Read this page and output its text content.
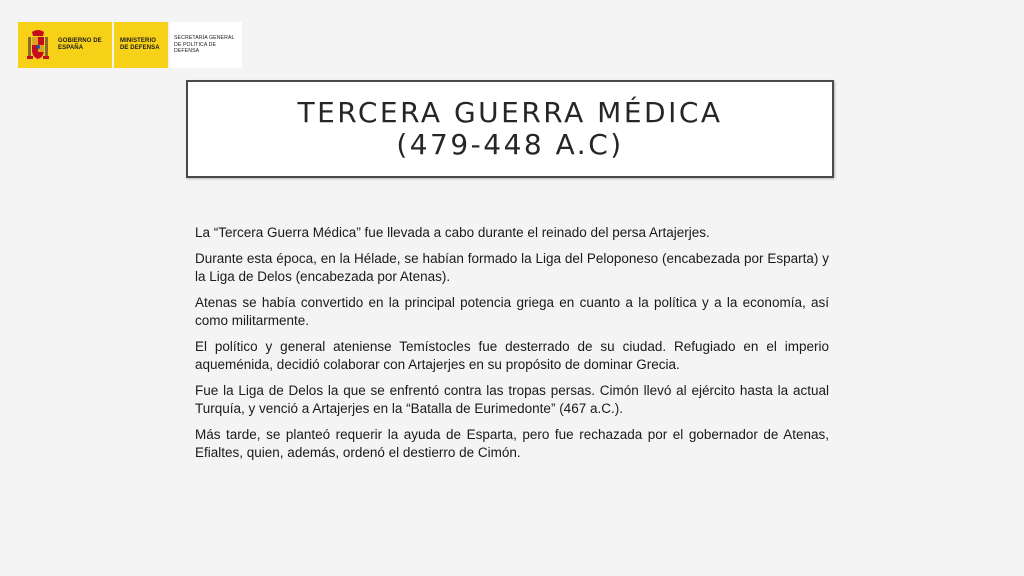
GOBIERNO DE ESPAÑA
MINISTERIO DE DEFENSA
SECRETARÍA GENERAL DE POLÍTICA DE DEFENSA
TERCERA GUERRA MÉDICA
(479-448 A.C)

La “Tercera Guerra Médica” fue llevada a cabo durante el reinado del persa Artajerjes.

Durante esta época, en la Hélade, se habían formado la Liga del Peloponeso (encabezada por Esparta) y la Liga de Delos (encabezada por Atenas).

Atenas se había convertido en la principal potencia griega en cuanto a la política y a la economía, así como militarmente.

El político y general ateniense Temístocles fue desterrado de su ciudad. Refugiado en el imperio aqueménida, decidió colaborar con Artajerjes en su propósito de dominar Grecia.

Fue la Liga de Delos la que se enfrentó contra las tropas persas. Cimón llevó al ejército hasta la actual Turquía, y venció a Artajerjes en la “Batalla de Eurimedonte” (467 a.C.).

Más tarde, se planteó requerir la ayuda de Esparta, pero fue rechazada por el gobernador de Atenas, Efialtes, quien, además, ordenó el destierro de Cimón.
